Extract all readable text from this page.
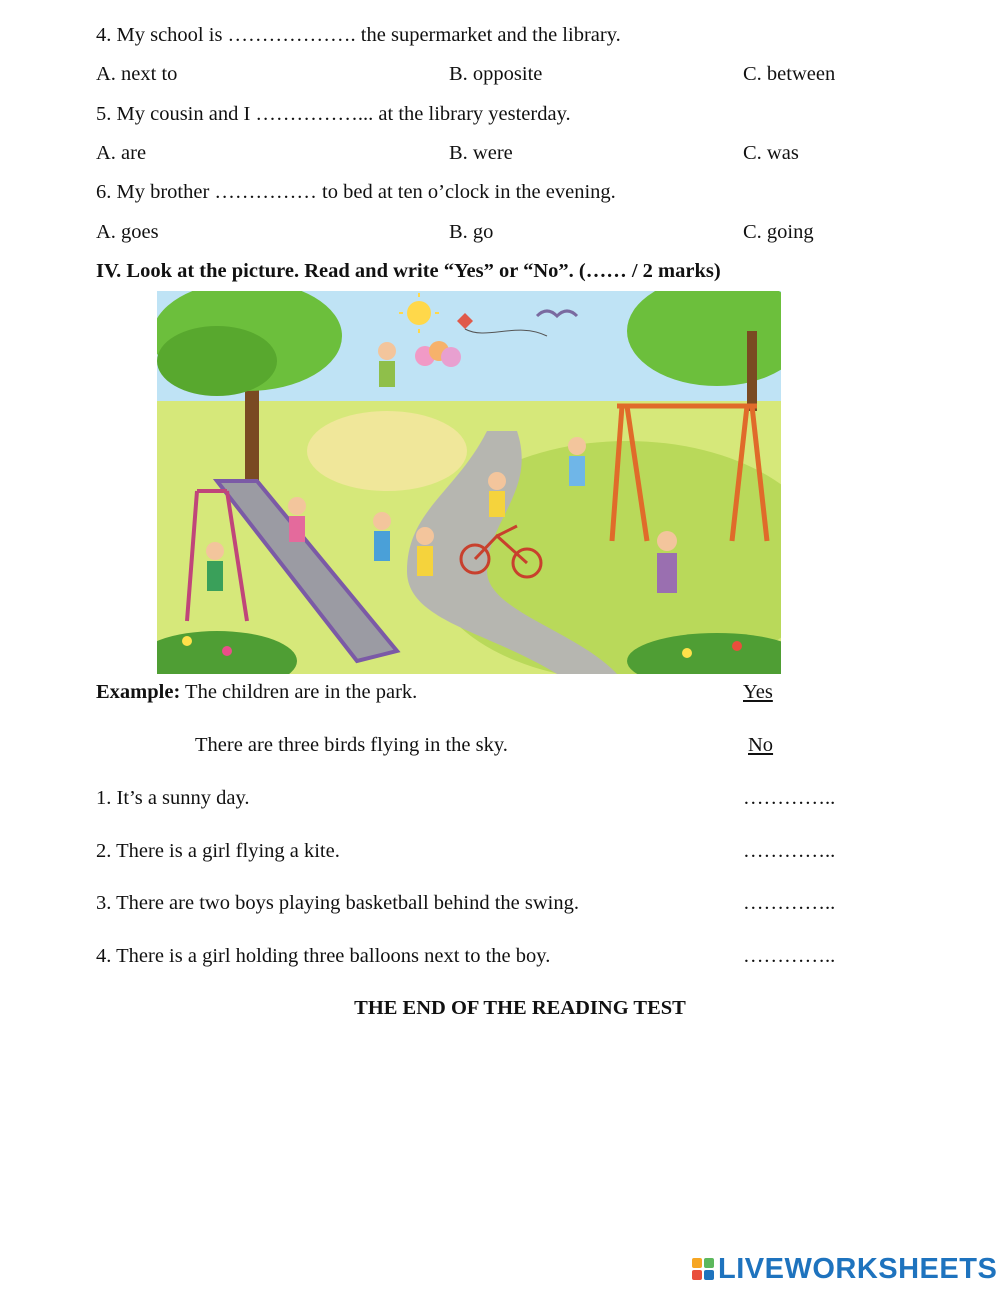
4. My school is ………………. the supermarket and the library.
A. next to	B. opposite	C. between
5. My cousin and I ……………... at the library yesterday.
A. are	B. were	C. was
6. My brother …………… to bed at ten o’clock in the evening.
A. goes	B. go	C. going
IV. Look at the picture. Read and write “Yes” or “No”. (…… / 2 marks)
Example: The children are in the park.	Yes
There are three birds flying in the sky.	No
1. It’s a sunny day.	…………..
2. There is a girl flying a kite.	…………..
3. There are two boys playing basketball behind the swing.	…………..
4. There is a girl holding three balloons next to the boy.	…………..
THE END OF THE READING TEST
LIVEWORKSHEETS
